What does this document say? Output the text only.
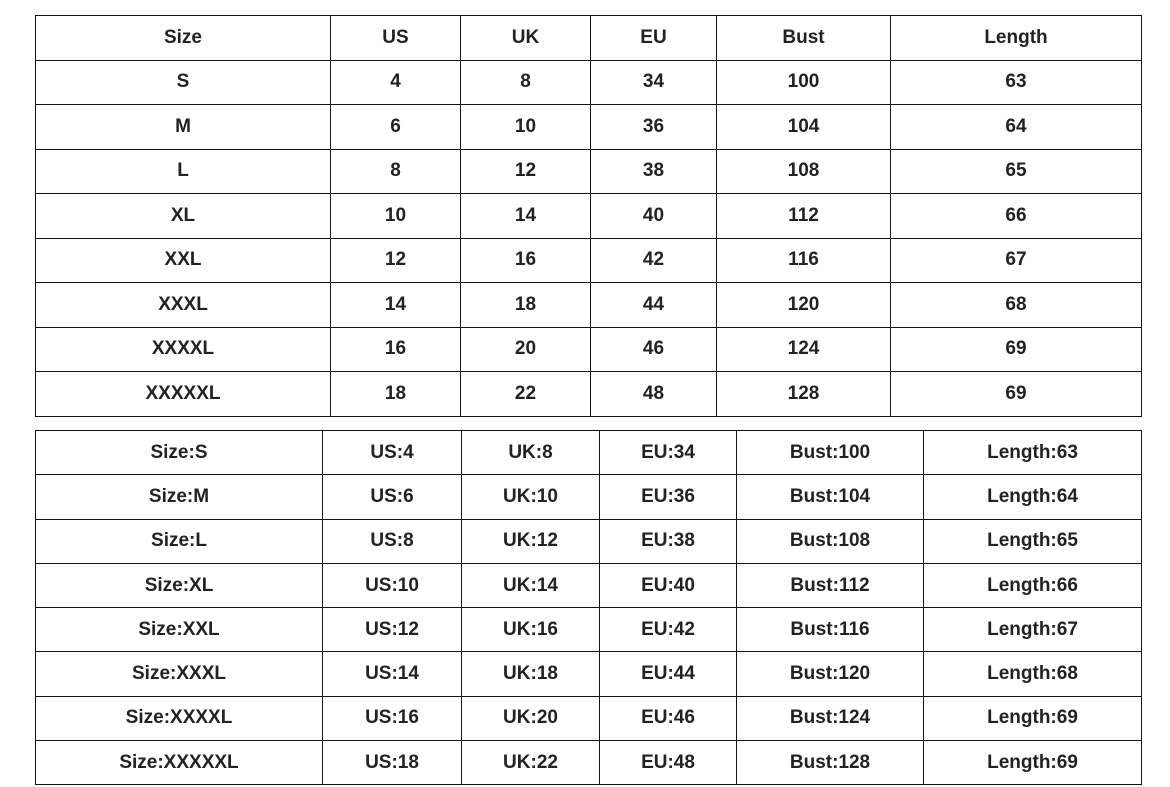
Size	US	UK	EU	Bust	Length
S	4	8	34	100	63
M	6	10	36	104	64
L	8	12	38	108	65
XL	10	14	40	112	66
XXL	12	16	42	116	67
XXXL	14	18	44	120	68
XXXXL	16	20	46	124	69
XXXXXL	18	22	48	128	69
Size:S	US:4	UK:8	EU:34	Bust:100	Length:63
Size:M	US:6	UK:10	EU:36	Bust:104	Length:64
Size:L	US:8	UK:12	EU:38	Bust:108	Length:65
Size:XL	US:10	UK:14	EU:40	Bust:112	Length:66
Size:XXL	US:12	UK:16	EU:42	Bust:116	Length:67
Size:XXXL	US:14	UK:18	EU:44	Bust:120	Length:68
Size:XXXXL	US:16	UK:20	EU:46	Bust:124	Length:69
Size:XXXXXL	US:18	UK:22	EU:48	Bust:128	Length:69
